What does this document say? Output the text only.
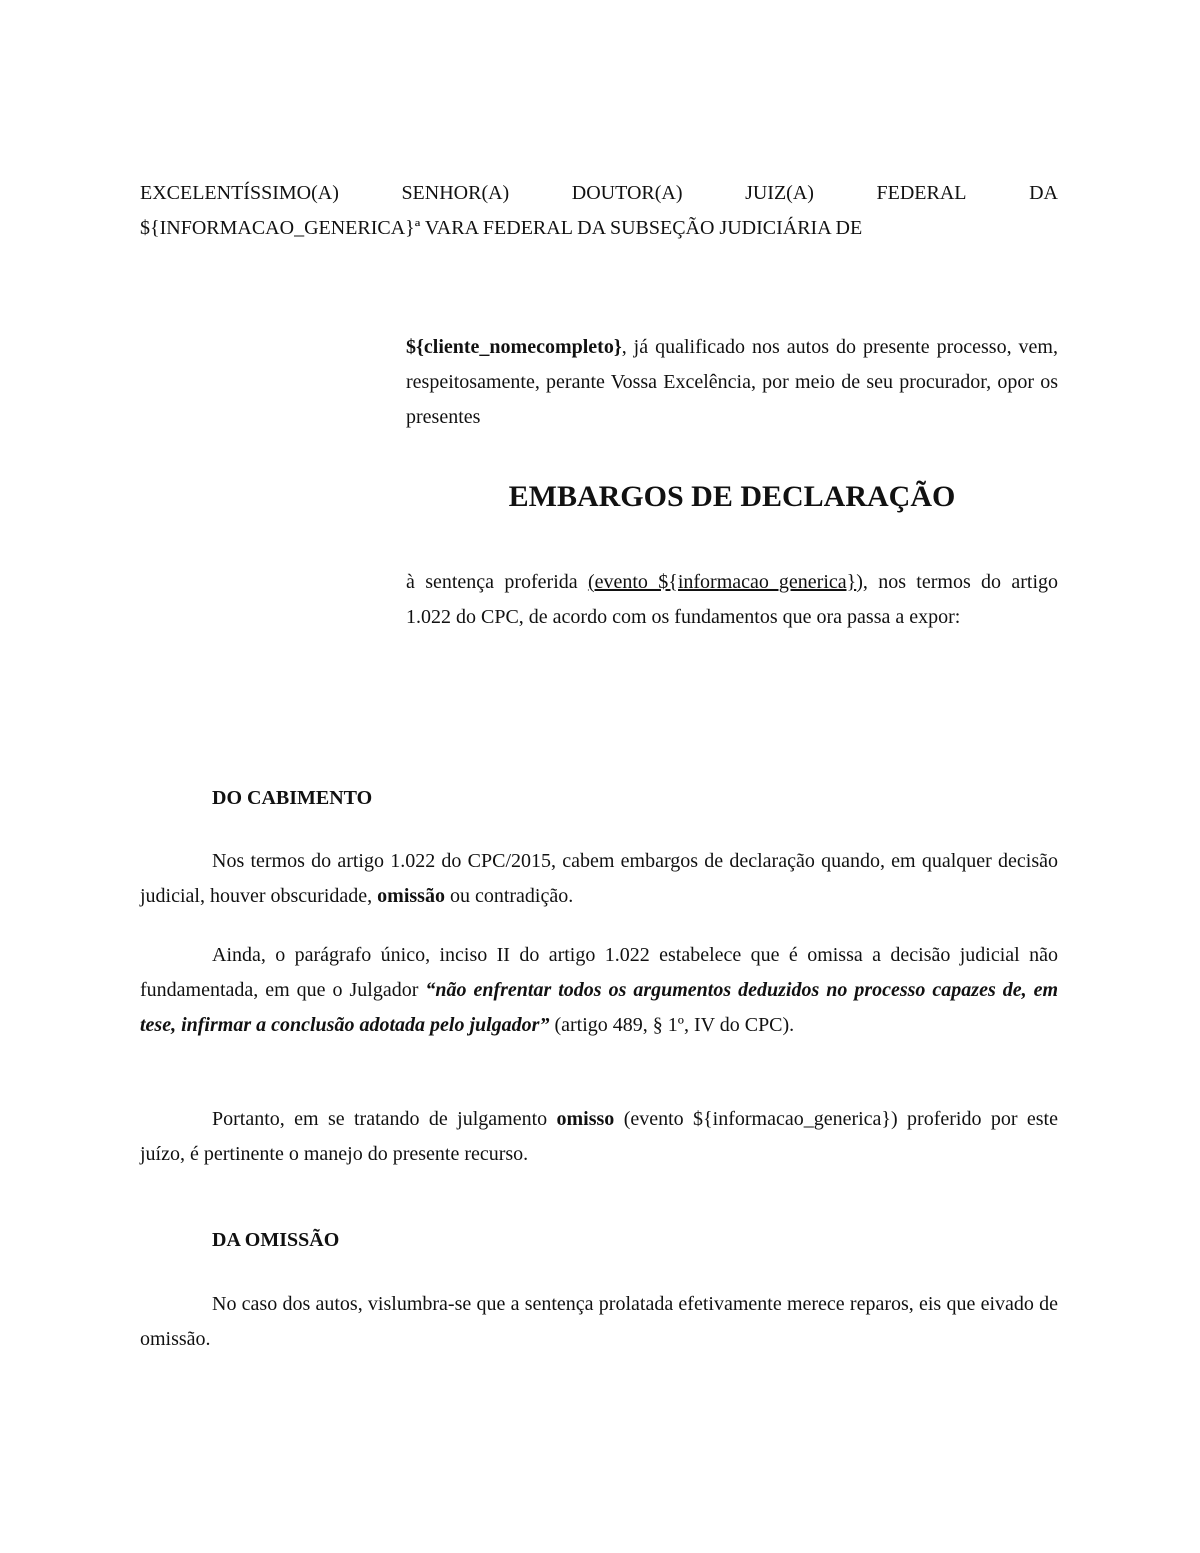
EXCELENTÍSSIMO(A)	SENHOR(A)	DOUTOR(A)	JUIZ(A)	FEDERAL	DA
${INFORMACAO_GENERICA}ª VARA FEDERAL DA SUBSEÇÃO JUDICIÁRIA DE

${cliente_nomecompleto}, já qualificado nos autos do presente processo, vem, respeitosamente, perante Vossa Excelência, por meio de seu procurador, opor os presentes

EMBARGOS DE DECLARAÇÃO

à sentença proferida (evento ${informacao_generica}), nos termos do artigo 1.022 do CPC, de acordo com os fundamentos que ora passa a expor:

DO CABIMENTO

Nos termos do artigo 1.022 do CPC/2015, cabem embargos de declaração quando, em qualquer decisão judicial, houver obscuridade, omissão ou contradição.

Ainda, o parágrafo único, inciso II do artigo 1.022 estabelece que é omissa a decisão judicial não fundamentada, em que o Julgador “não enfrentar todos os argumentos deduzidos no processo capazes de, em tese, infirmar a conclusão adotada pelo julgador” (artigo 489, § 1º, IV do CPC).

Portanto, em se tratando de julgamento omisso (evento ${informacao_generica}) proferido por este juízo, é pertinente o manejo do presente recurso.

DA OMISSÃO

No caso dos autos, vislumbra-se que a sentença prolatada efetivamente merece reparos, eis que eivado de omissão.
